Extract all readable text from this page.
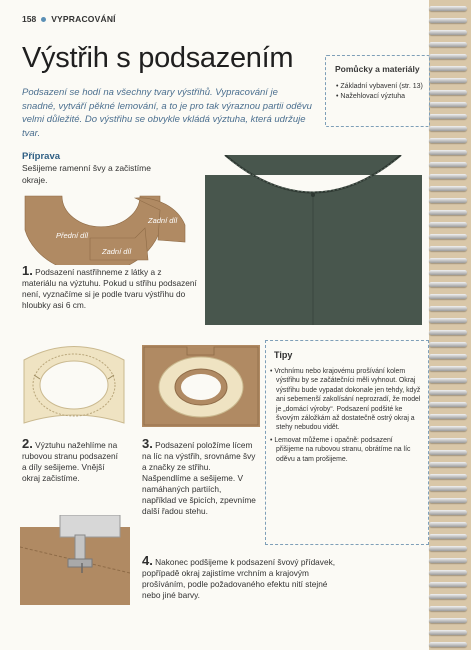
158 VYPRACOVÁNÍ
Výstřih s podsazením
Podsazení se hodí na všechny tvary výstřihů. Vypracování je snadné, vytváří pěkné lemování, a to je pro tak výraznou partii oděvu velmi důležité. Do výstřihu se obvykle vkládá výztuha, která udržuje tvar.
Pomůcky a materiály
• Základní vybavení (str. 13)
• Nažehlovací výztuha
Příprava
Sešijeme ramenní švy a začistíme okraje.
Přední díl
Zadní díl
Zadní díl
1. Podsazení nastřihneme z látky a z materiálu na výztuhu. Pokud u střihu podsazení není, vyznačíme si je podle tvaru výstřihu do hloubky asi 6 cm.
2. Výztuhu nažehlíme na rubovou stranu podsazení a díly sešijeme. Vnější okraj začistíme.
3. Podsazení položíme lícem na líc na výstřih, srovnáme švy a značky ze střihu. Našpendlíme a sešijeme. V namáhaných partiích, například ve špicích, zpevníme další řadou stehu.
Tipy
• Vrchnímu nebo krajovému prošívání kolem výstřihu by se začátečníci měli vyhnout. Okraj výstřihu bude vypadat dokonale jen tehdy, když ani sebemenší zakolísání neprozradí, že model je „domácí výroby“. Podsazení podšité ke švovým záložkám až dostatečně ostrý okraj a stehy nebudou vidět.
• Lemovat můžeme i opačně: podsazení přišijeme na rubovou stranu, obrátíme na líc oděvu a tam prošijeme.
4. Nakonec podšijeme k podsazení švový přídavek, popřípadě okraj zajistíme vrchním a krajovým prošíváním, podle požadovaného efektu nití stejné nebo jiné barvy.
